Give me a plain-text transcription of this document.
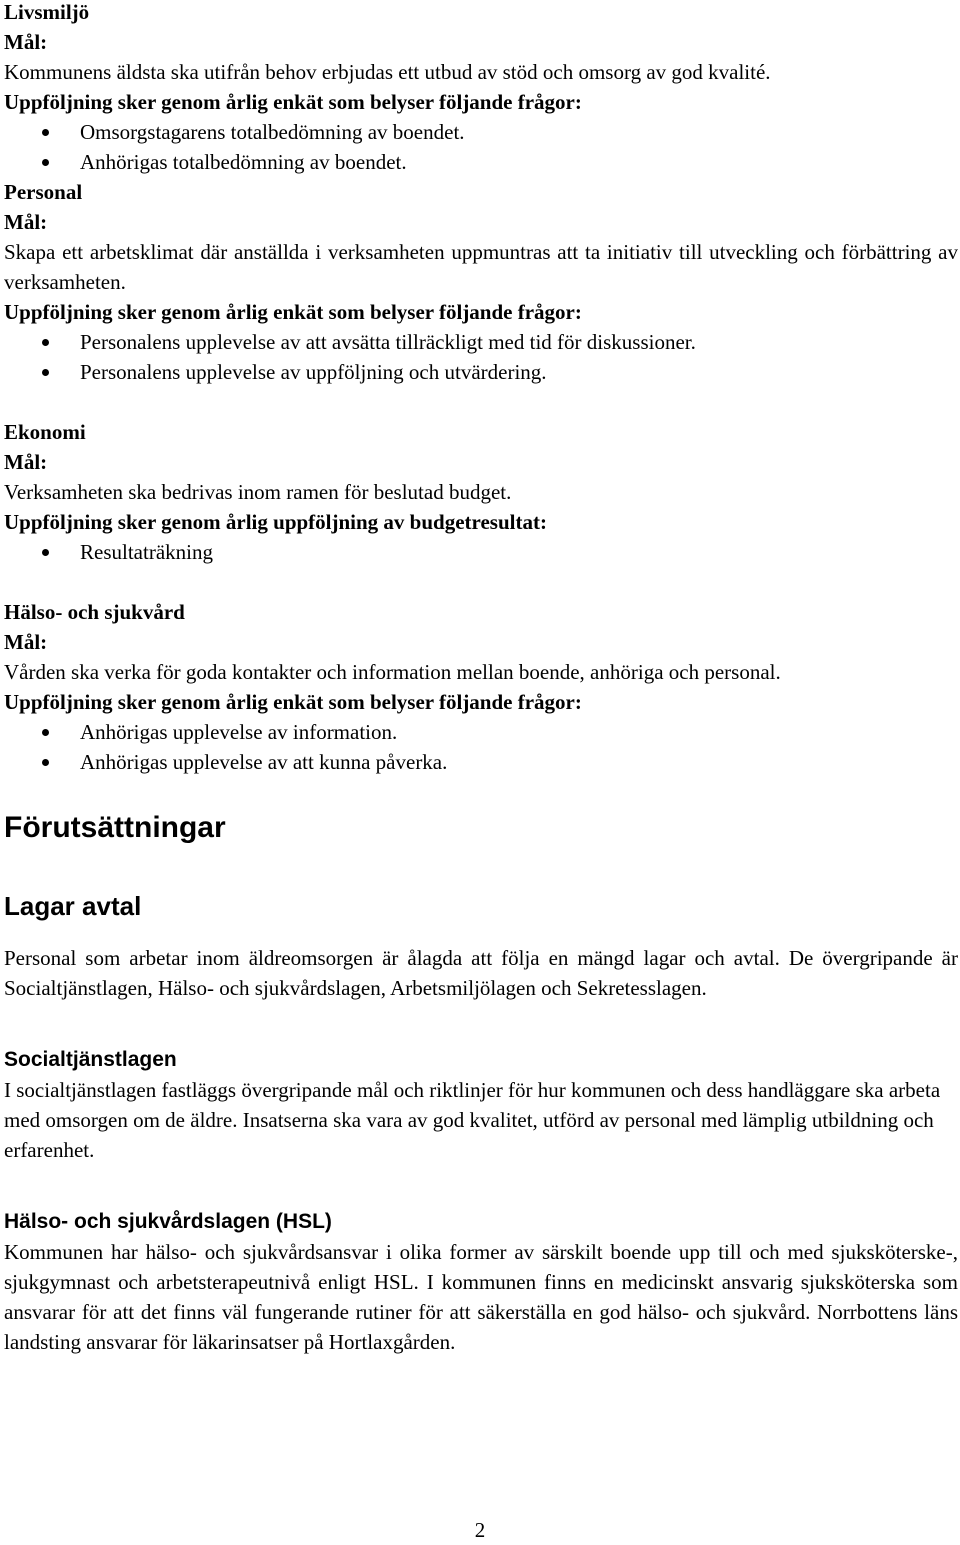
Livsmiljö

Mål:

Kommunens äldsta ska utifrån behov erbjudas ett utbud av stöd och omsorg av god kvalité.

Uppföljning sker genom årlig enkät som belyser följande frågor:

Omsorgstagarens totalbedömning av boendet.
Anhörigas totalbedömning av boendet.

Personal

Mål:

Skapa ett arbetsklimat där anställda i verksamheten uppmuntras att ta initiativ till utveckling och förbättring av verksamheten.

Uppföljning sker genom årlig enkät som belyser följande frågor:

Personalens upplevelse av att avsätta tillräckligt med tid för diskussioner.
Personalens upplevelse av uppföljning och utvärdering.

Ekonomi

Mål:

Verksamheten ska bedrivas inom ramen för beslutad budget.

Uppföljning sker genom årlig uppföljning av budgetresultat:

Resultaträkning

Hälso- och sjukvård

Mål:

Vården ska verka för goda kontakter och information mellan boende, anhöriga och personal.

Uppföljning sker genom årlig enkät som belyser följande frågor:

Anhörigas upplevelse av information.
Anhörigas upplevelse av att kunna påverka.
Förutsättningar
Lagar avtal

Personal som arbetar inom äldreomsorgen är ålagda att följa en mängd lagar och avtal. De övergripande är Socialtjänstlagen, Hälso- och sjukvårdslagen, Arbetsmiljölagen och Sekretesslagen.

Socialtjänstlagen

I socialtjänstlagen fastläggs övergripande mål och riktlinjer för hur kommunen och dess handläggare ska arbeta med omsorgen om de äldre. Insatserna ska vara av god kvalitet, utförd av personal med lämplig utbildning och erfarenhet.

Hälso- och sjukvårdslagen (HSL)

Kommunen har hälso- och sjukvårdsansvar i olika former av särskilt boende upp till och med sjuksköterske-, sjukgymnast och arbetsterapeutnivå enligt HSL. I kommunen finns en medicinskt ansvarig sjuksköterska som ansvarar för att det finns väl fungerande rutiner för att säkerställa en god hälso- och sjukvård. Norrbottens läns landsting ansvarar för läkarinsatser på Hortlaxgården.

2
